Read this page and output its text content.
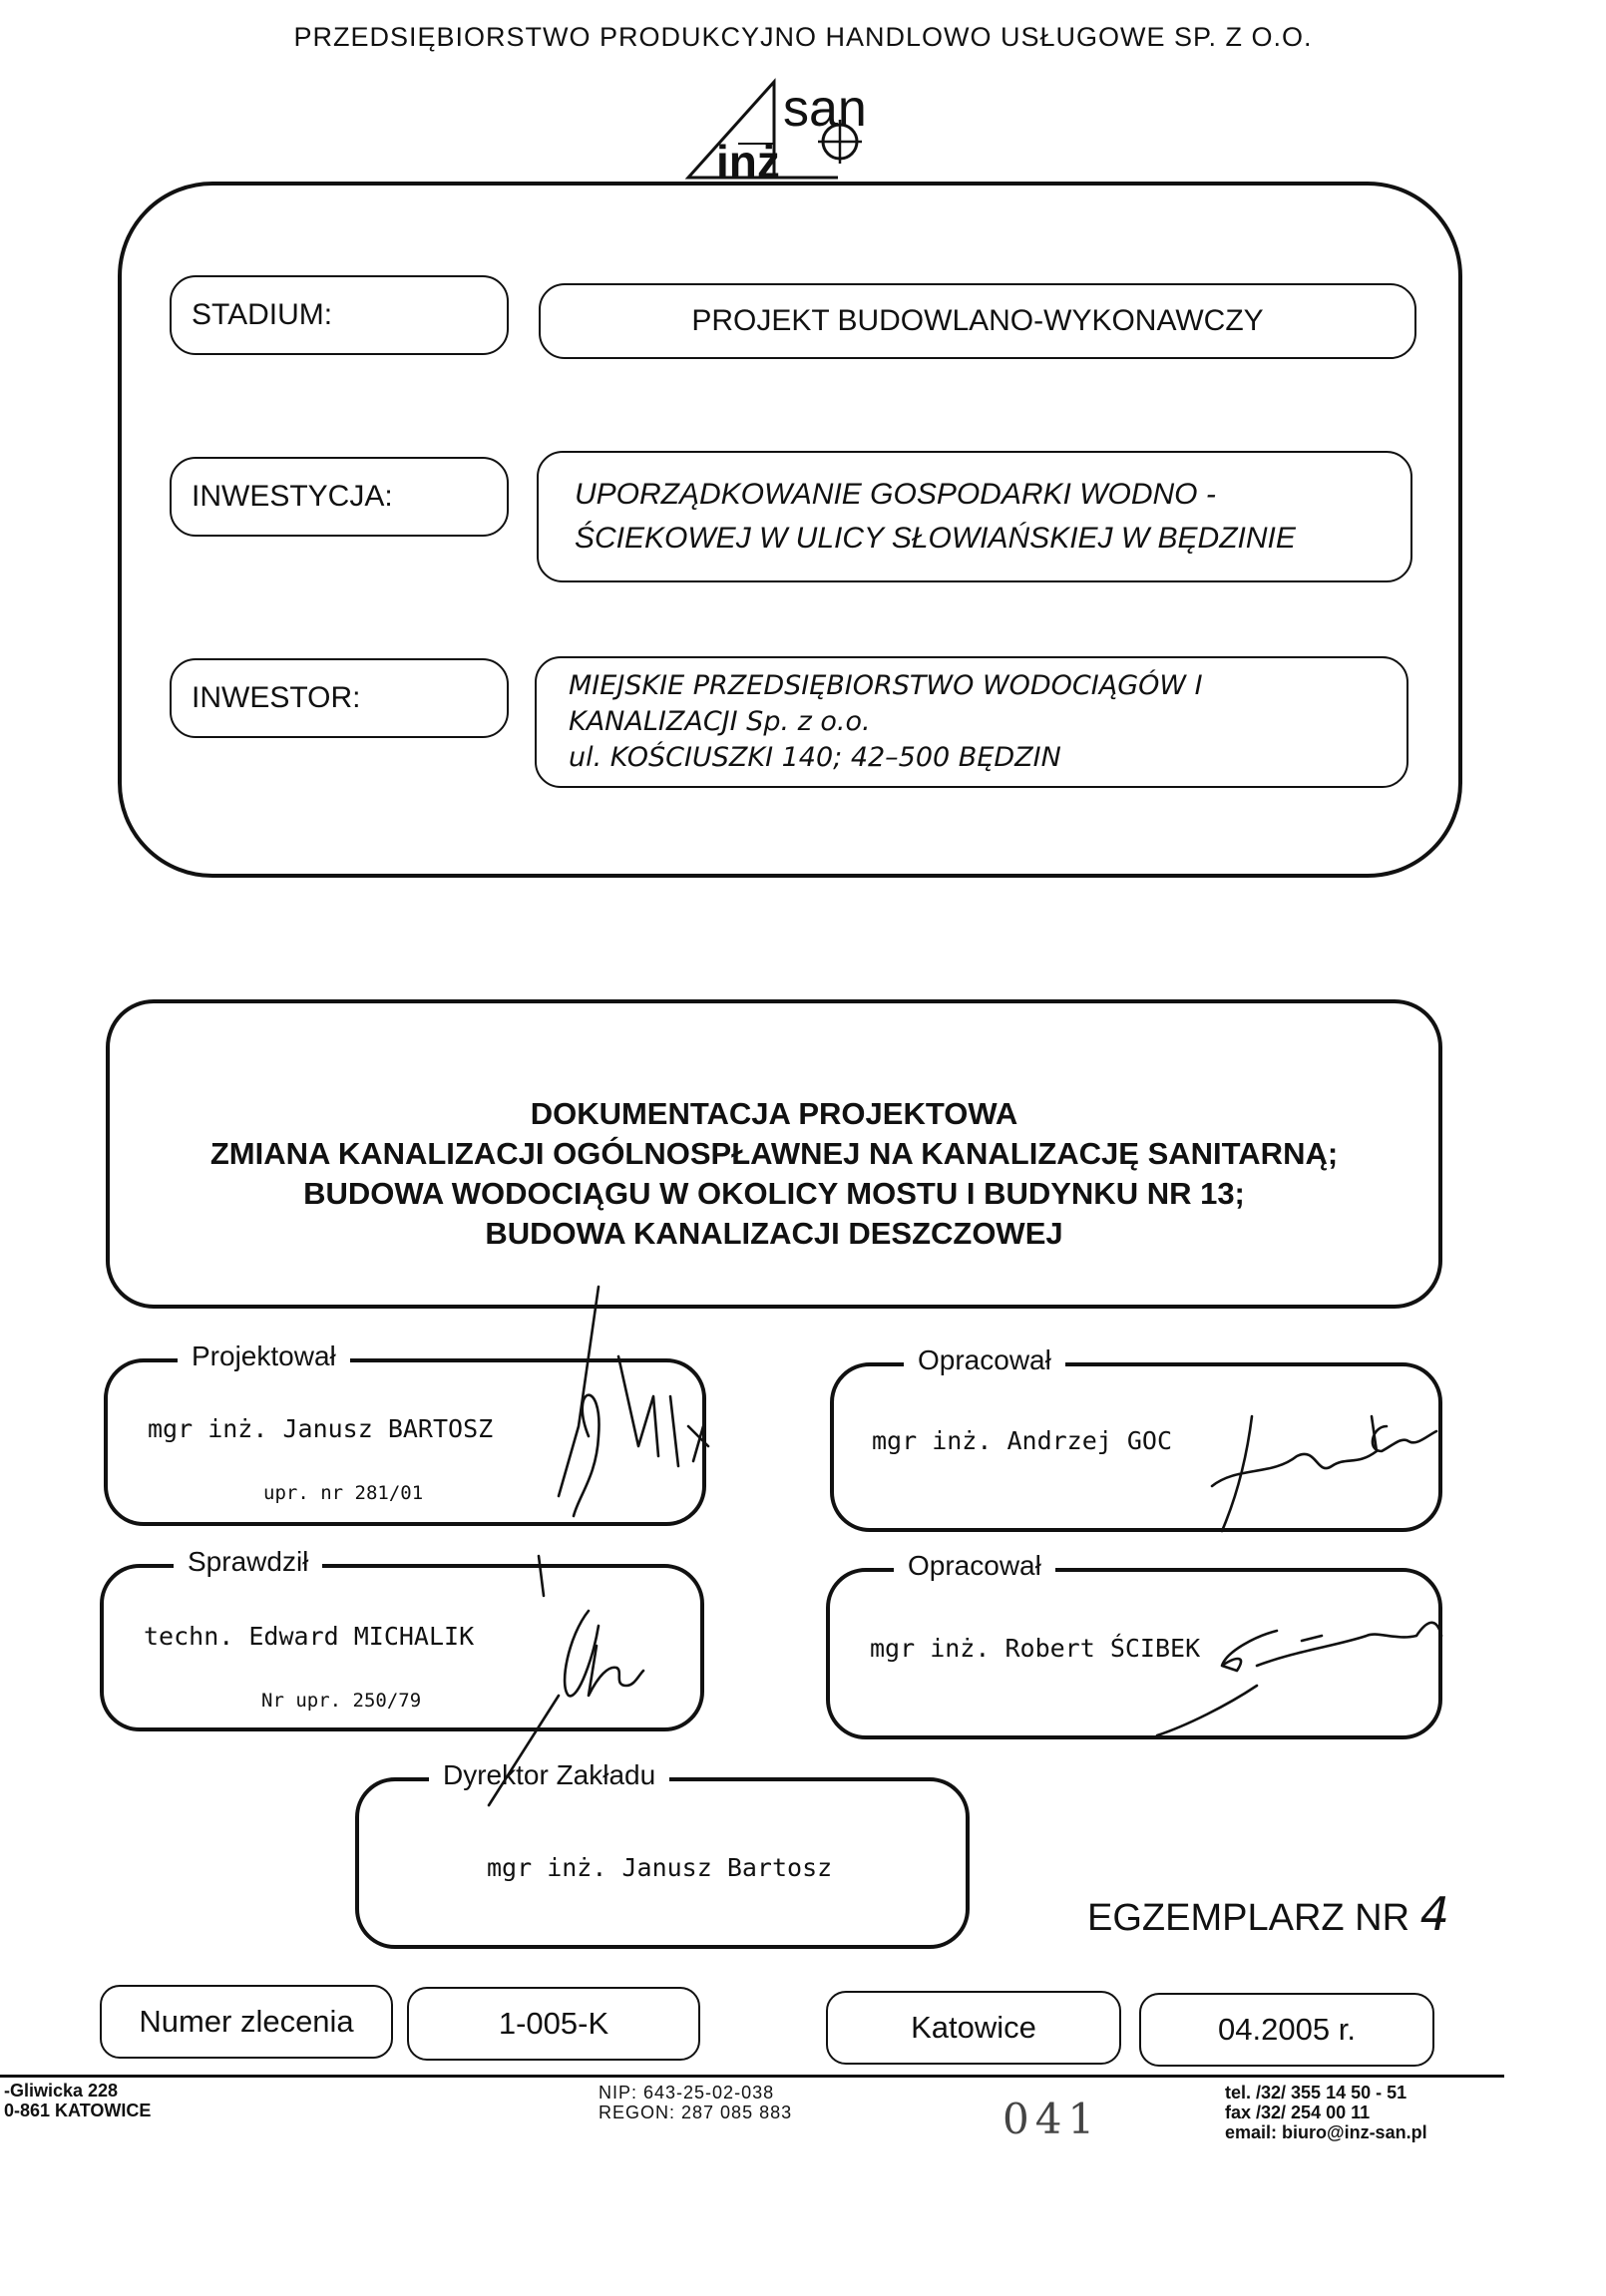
PRZEDSIĘBIORSTWO PRODUKCYJNO HANDLOWO USŁUGOWE SP. Z O.O.
san
inż
STADIUM:	PROJEKT BUDOWLANO-WYKONAWCZY
INWESTYCJA:	UPORZĄDKOWANIE GOSPODARKI WODNO -
ŚCIEKOWEJ W ULICY SŁOWIAŃSKIEJ W BĘDZINIE
INWESTOR:	MIEJSKIE PRZEDSIĘBIORSTWO WODOCIĄGÓW I
KANALIZACJI Sp. z o.o.
ul. KOŚCIUSZKI 140; 42–500 BĘDZIN
DOKUMENTACJA PROJEKTOWA
ZMIANA KANALIZACJI OGÓLNOSPŁAWNEJ NA KANALIZACJĘ SANITARNĄ;
BUDOWA WODOCIĄGU W OKOLICY MOSTU I BUDYNKU NR 13;
BUDOWA KANALIZACJI DESZCZOWEJ
Projektował
mgr inż. Janusz BARTOSZ
upr. nr 281/01
Opracował
mgr inż. Andrzej GOC
Sprawdził
techn. Edward MICHALIK
Nr upr. 250/79
Opracował
mgr inż. Robert ŚCIBEK
Dyrektor Zakładu
mgr inż. Janusz Bartosz
EGZEMPLARZ NR 4
Numer zlecenia	1-005-K	Katowice	04.2005 r.
-Gliwicka 228
0-861 KATOWICE
NIP: 643-25-02-038
REGON: 287 085 883
tel. /32/ 355 14 50 - 51
fax /32/ 254 00 11
email: biuro@inz-san.pl
041
